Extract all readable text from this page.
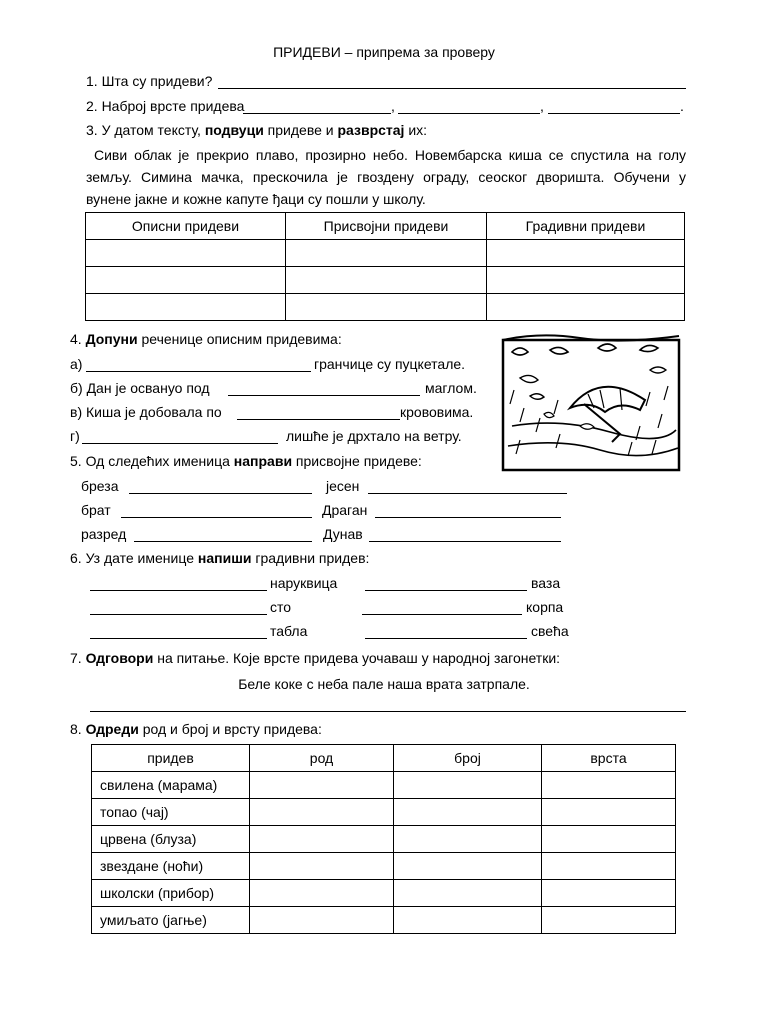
ПРИДЕВИ – припрема за проверу
1. Шта су придеви?
2. Наброј врсте придева	,	,	.
3. У датом тексту, подвуци придеве и разврстај их:
Сиви облак је прекрио плаво, прозирно небо. Новембарска киша се спустила на голу
земљу. Симина мачка, прескочила је гвоздену ограду, сеоског дворишта. Обучени у
вунене јакне и кожне капуте ђаци су пошли у школу.
Описни придеви	Присвојни придеви	Градивни придеви

4. Допуни реченице описним придевима:
а)	гранчице су пуцкетале.
б) Дан је освануо под	маглом.
в) Киша је добовала по	крововима.
г)	лишће је дрхтало на ветру.
5. Од следећих именица направи присвојне придеве:
бреза	јесен
брат	Драган
разред	Дунав
6. Уз дате именице напиши градивни придев:
наруквица	ваза
сто	корпа
табла	свећа
7. Одговори на питање. Које врсте придева уочаваш у народној загонетки:
Беле коке с неба пале наша врата затрпале.
8. Одреди род и број и врсту придева:
придев	род	број	врста
свилена (марама)			
топао (чај)			
црвена (блуза)			
звездане (ноћи)			
школски (прибор)			
умиљато (јагње)			
